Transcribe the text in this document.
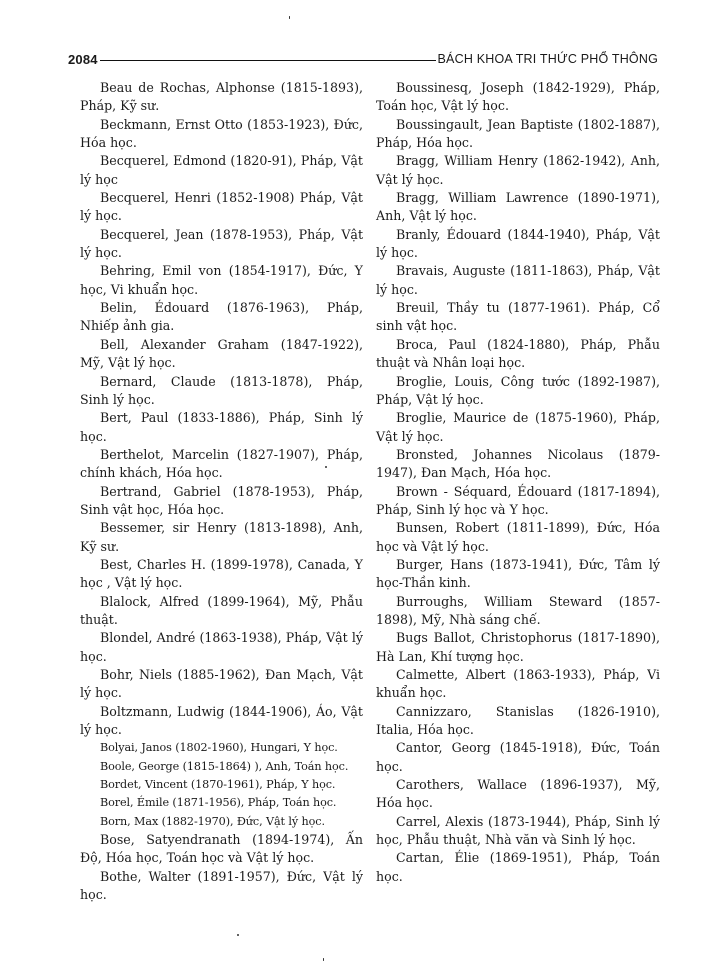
2084	BÁCH KHOA TRI THỨC PHỔ THÔNG

Beau de Rochas, Alphonse (1815-1893), Pháp, Kỹ sư.

Beckmann, Ernst Otto (1853-1923), Đức, Hóa học.

Becquerel, Edmond (1820-91), Pháp, Vật lý học

Becquerel, Henri (1852-1908) Pháp, Vật lý học.

Becquerel, Jean (1878-1953), Pháp, Vật lý học.

Behring, Emil von (1854-1917), Đức, Y học, Vi khuẩn học.

Belin, Édouard (1876-1963), Pháp, Nhiếp ảnh gia.

Bell, Alexander Graham (1847-1922), Mỹ, Vật lý học.

Bernard, Claude (1813-1878), Pháp, Sinh lý học.

Bert, Paul (1833-1886), Pháp, Sinh lý học.

Berthelot, Marcelin (1827-1907), Pháp, chính khách, Hóa học.

Bertrand, Gabriel (1878-1953), Pháp, Sinh vật học, Hóa học.

Bessemer, sir Henry (1813-1898), Anh, Kỹ sư.

Best, Charles H. (1899-1978), Canada, Y học , Vật lý học.

Blalock, Alfred (1899-1964), Mỹ, Phẫu thuật.

Blondel, André (1863-1938), Pháp, Vật lý học.

Bohr, Niels (1885-1962), Đan Mạch, Vật lý học.

Boltzmann, Ludwig (1844-1906), Áo, Vật lý học.

Bolyai, Janos (1802-1960), Hungari, Y học.

Boole, George (1815-1864) ), Anh, Toán học.

Bordet, Vincent (1870-1961), Pháp, Y học.

Borel, Émile (1871-1956), Pháp, Toán học.

Born, Max (1882-1970), Đức, Vật lý học.

Bose, Satyendranath (1894-1974), Ấn Độ, Hóa học, Toán học và Vật lý học.

Bothe, Walter (1891-1957), Đức, Vật lý học.

Boussinesq, Joseph (1842-1929), Pháp, Toán học, Vật lý học.

Boussingault, Jean Baptiste (1802-1887), Pháp, Hóa học.

Bragg, William Henry (1862-1942), Anh, Vật lý học.

Bragg, William Lawrence (1890-1971), Anh, Vật lý học.

Branly, Édouard (1844-1940), Pháp, Vật lý học.

Bravais, Auguste (1811-1863), Pháp, Vật lý học.

Breuil, Thầy tu (1877-1961). Pháp, Cổ sinh vật học.

Broca, Paul (1824-1880), Pháp, Phẫu thuật và Nhân loại học.

Broglie, Louis, Công tước (1892-1987), Pháp, Vật lý học.

Broglie, Maurice de (1875-1960), Pháp, Vật lý học.

Bronsted, Johannes Nicolaus (1879-1947), Đan Mạch, Hóa học.

Brown - Séquard, Édouard (1817-1894), Pháp, Sinh lý học và Y học.

Bunsen, Robert (1811-1899), Đức, Hóa học và Vật lý học.

Burger, Hans (1873-1941), Đức, Tâm lý học-Thần kinh.

Burroughs, William Steward (1857-1898), Mỹ, Nhà sáng chế.

Bugs Ballot, Christophorus (1817-1890), Hà Lan, Khí tượng học.

Calmette, Albert (1863-1933), Pháp, Vi khuẩn học.

Cannizzaro, Stanislas (1826-1910), Italia, Hóa học.

Cantor, Georg (1845-1918), Đức, Toán học.

Carothers, Wallace (1896-1937), Mỹ, Hóa học.

Carrel, Alexis (1873-1944), Pháp, Sinh lý học, Phẫu thuật, Nhà văn và Sinh lý học.

Cartan, Élie (1869-1951), Pháp, Toán học.
